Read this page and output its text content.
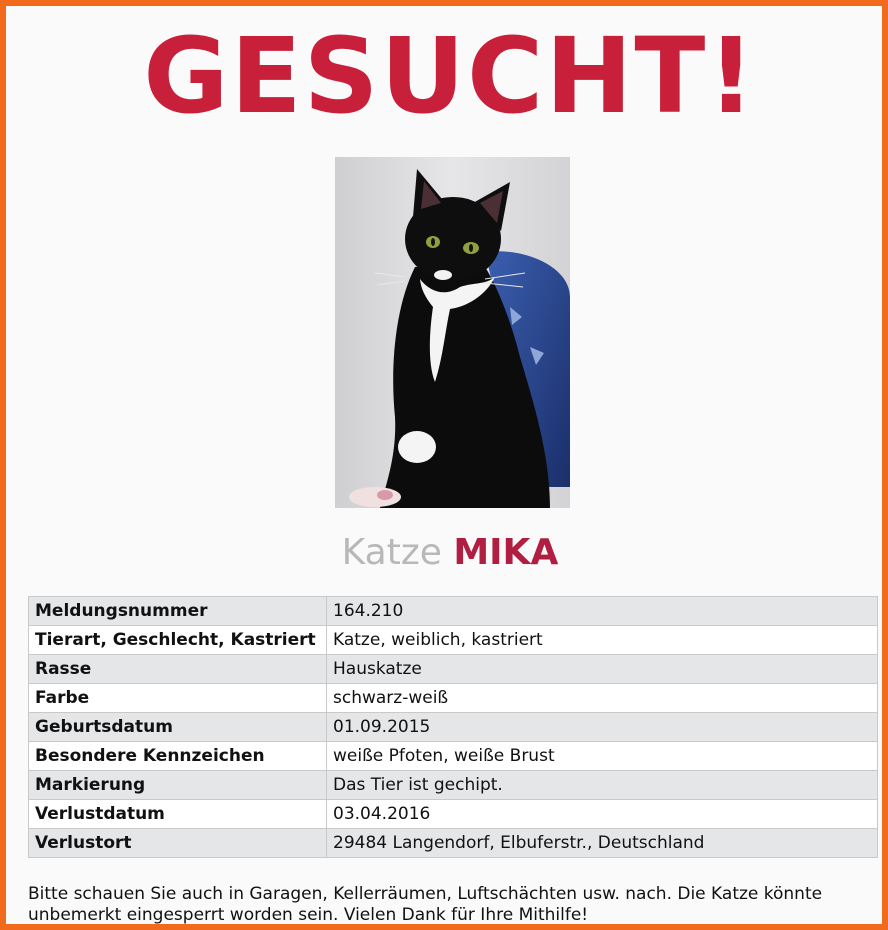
GESUCHT!
Katze MIKA
Meldungsnummer	164.210
Tierart, Geschlecht, Kastriert	Katze, weiblich, kastriert
Rasse	Hauskatze
Farbe	schwarz-weiß
Geburtsdatum	01.09.2015
Besondere Kennzeichen	weiße Pfoten, weiße Brust
Markierung	Das Tier ist gechipt.
Verlustdatum	03.04.2016
Verlustort	29484 Langendorf, Elbuferstr., Deutschland
Bitte schauen Sie auch in Garagen, Kellerräumen, Luftschächten usw. nach. Die Katze könnte unbemerkt eingesperrt worden sein. Vielen Dank für Ihre Mithilfe!
